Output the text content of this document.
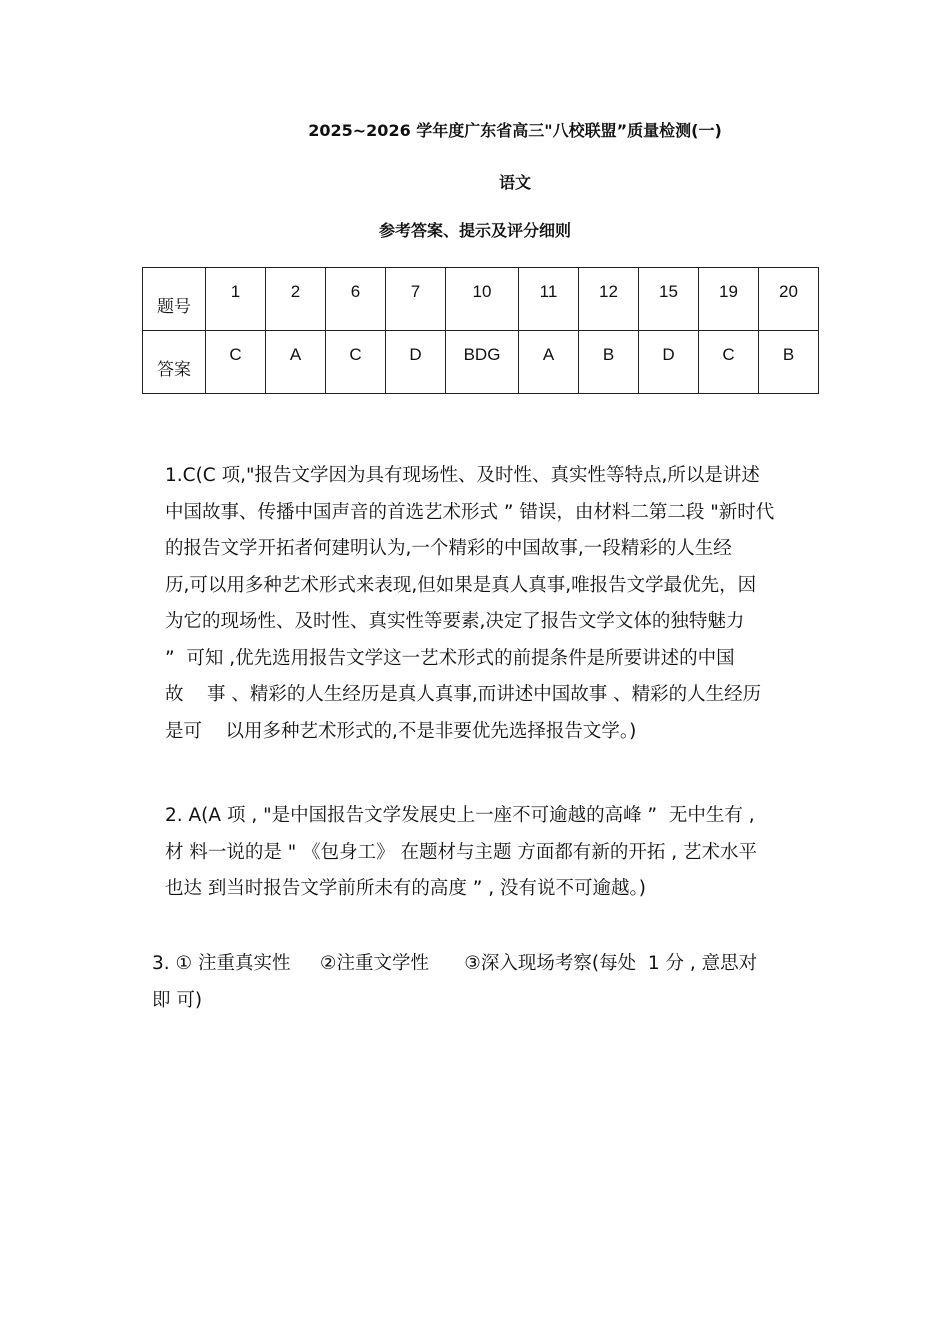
2025~2026 学年度广东省高三"八校联盟”质量检测(一)
语文
参考答案、提示及评分细则
题号	1	2	6	7	10	11	12	15	19	20
答案	C	A	C	D	BDG	A	B	D	C	B

1.C(C 项,"报告文学因为具有现场性、及时性、真实性等特点,所以是讲述

中国故事、传播中国声音的首选艺术形式 ” 错误，由材料二第二段 "新时代

的报告文学开拓者何建明认为,一个精彩的中国故事,一段精彩的人生经

历,可以用多种艺术形式来表现,但如果是真人真事,唯报告文学最优先，因

为它的现场性、及时性、真实性等要素,决定了报告文学文体的独特魅力

”  可知 ,优先选用报告文学这一艺术形式的前提条件是所要讲述的中国

故    事 、精彩的人生经历是真人真事,而讲述中国故事 、精彩的人生经历

是可    以用多种艺术形式的,不是非要优先选择报告文学。)

2. A(A 项 , "是中国报告文学发展史上一座不可逾越的高峰 ”  无中生有 ,

材 料一说的是 " 《包身工》 在题材与主题 方面都有新的开拓 , 艺术水平

也达 到当时报告文学前所未有的高度 ” , 没有说不可逾越。)

3. ① 注重真实性     ②注重文学性      ③深入现场考察(每处  1 分 , 意思对

即 可)
